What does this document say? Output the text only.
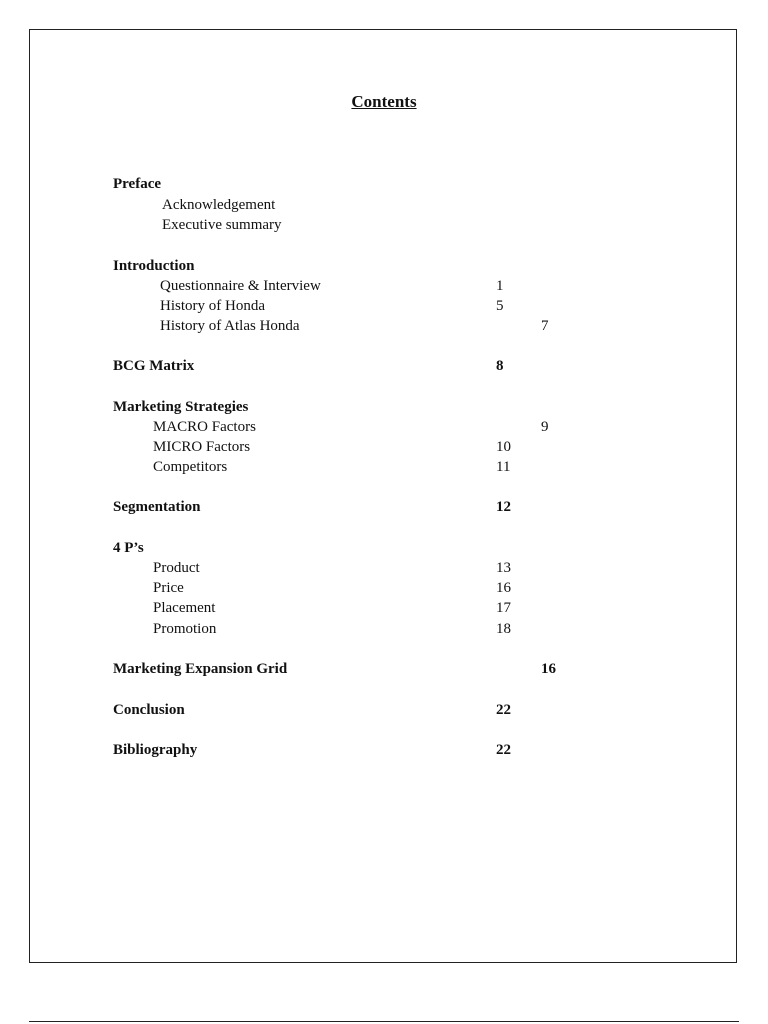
Contents
Preface
Acknowledgement
Executive summary
Introduction
Questionnaire & Interview	1
History of Honda	5
History of Atlas Honda	7
BCG Matrix	8
Marketing Strategies
MACRO Factors	9
MICRO Factors	10
Competitors	11
Segmentation	12
4 P’s
Product	13
Price	16
Placement	17
Promotion	18
Marketing Expansion Grid	16
Conclusion	22
Bibliography	22
